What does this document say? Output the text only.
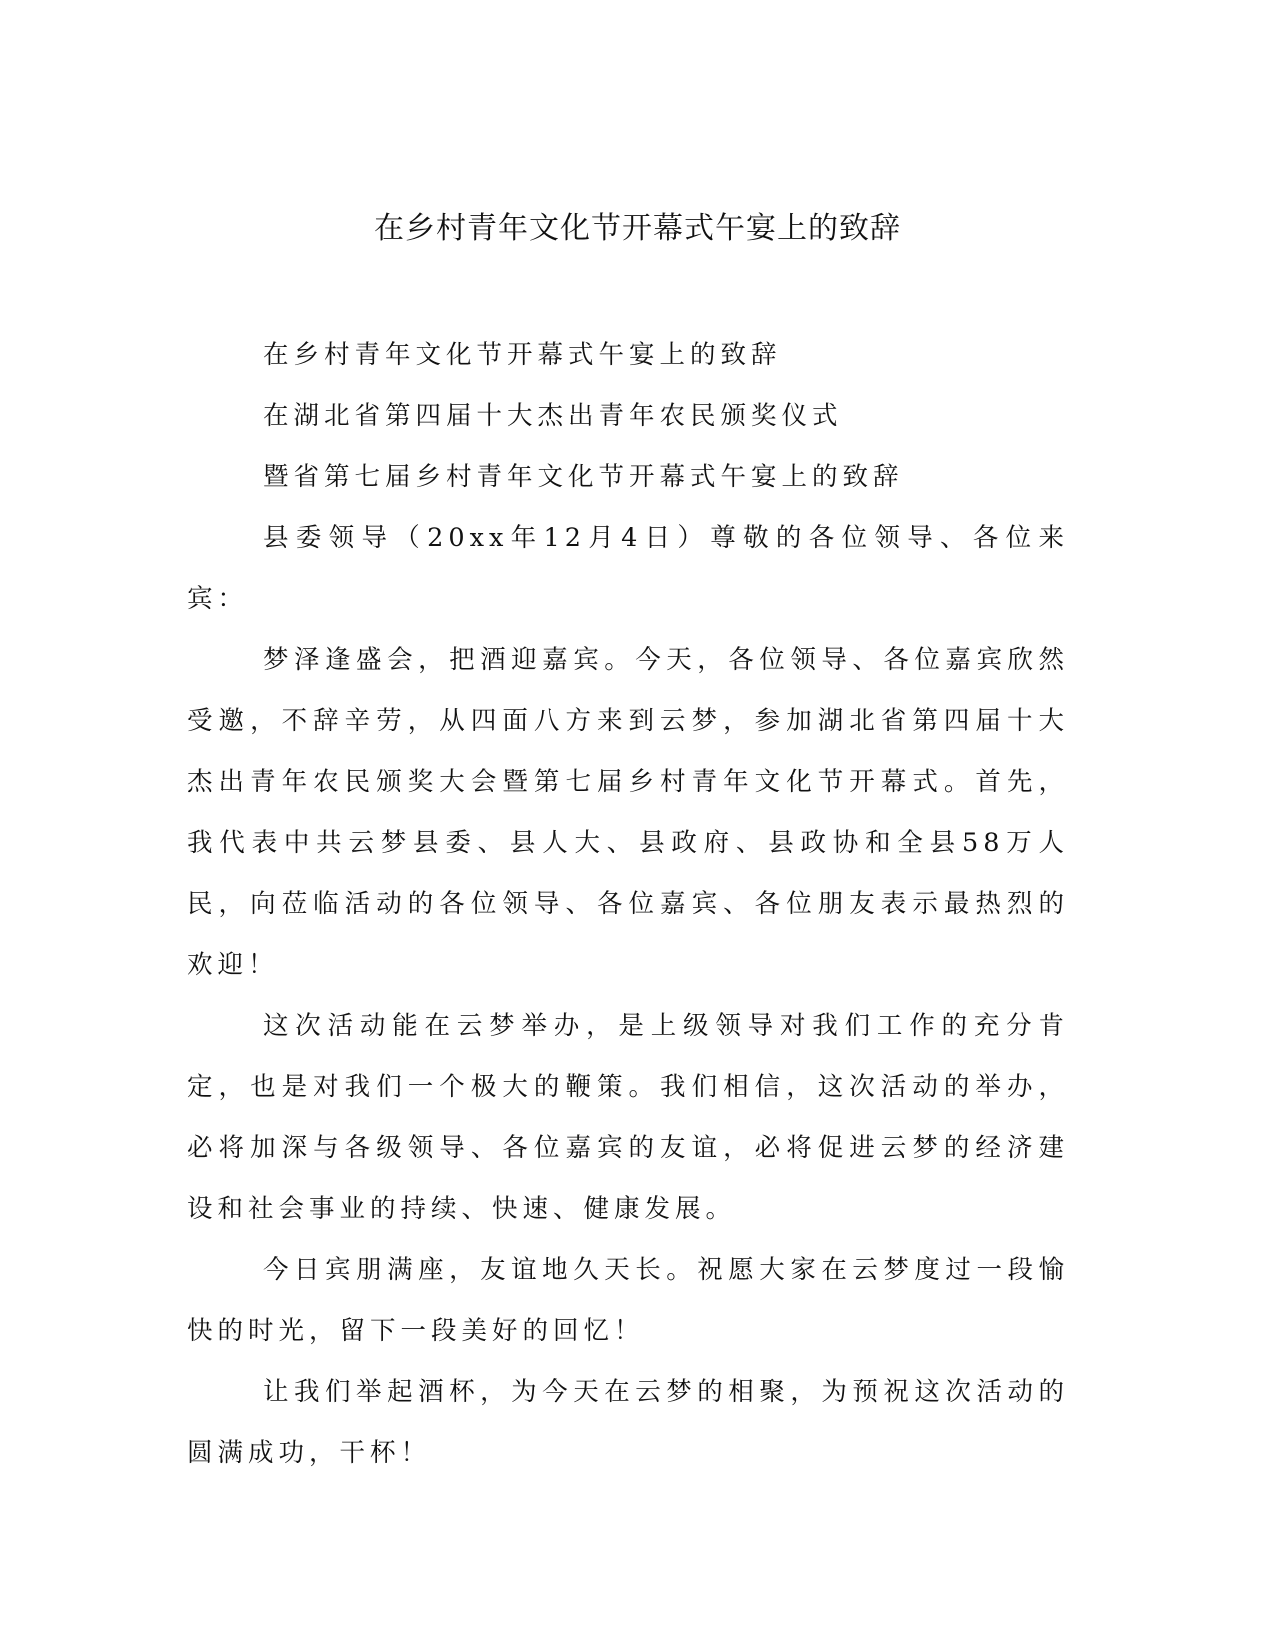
在乡村青年文化节开幕式午宴上的致辞

在乡村青年文化节开幕式午宴上的致辞

在湖北省第四届十大杰出青年农民颁奖仪式

暨省第七届乡村青年文化节开幕式午宴上的致辞

县委领导（20xx年12月4日）尊敬的各位领导、各位来宾：

梦泽逢盛会，把酒迎嘉宾。今天，各位领导、各位嘉宾欣然受邀，不辞辛劳，从四面八方来到云梦，参加湖北省第四届十大杰出青年农民颁奖大会暨第七届乡村青年文化节开幕式。首先，我代表中共云梦县委、县人大、县政府、县政协和全县58万人民，向莅临活动的各位领导、各位嘉宾、各位朋友表示最热烈的欢迎！

这次活动能在云梦举办，是上级领导对我们工作的充分肯定，也是对我们一个极大的鞭策。我们相信，这次活动的举办，必将加深与各级领导、各位嘉宾的友谊，必将促进云梦的经济建设和社会事业的持续、快速、健康发展。

今日宾朋满座，友谊地久天长。祝愿大家在云梦度过一段愉快的时光，留下一段美好的回忆！

让我们举起酒杯，为今天在云梦的相聚，为预祝这次活动的圆满成功，干杯！
